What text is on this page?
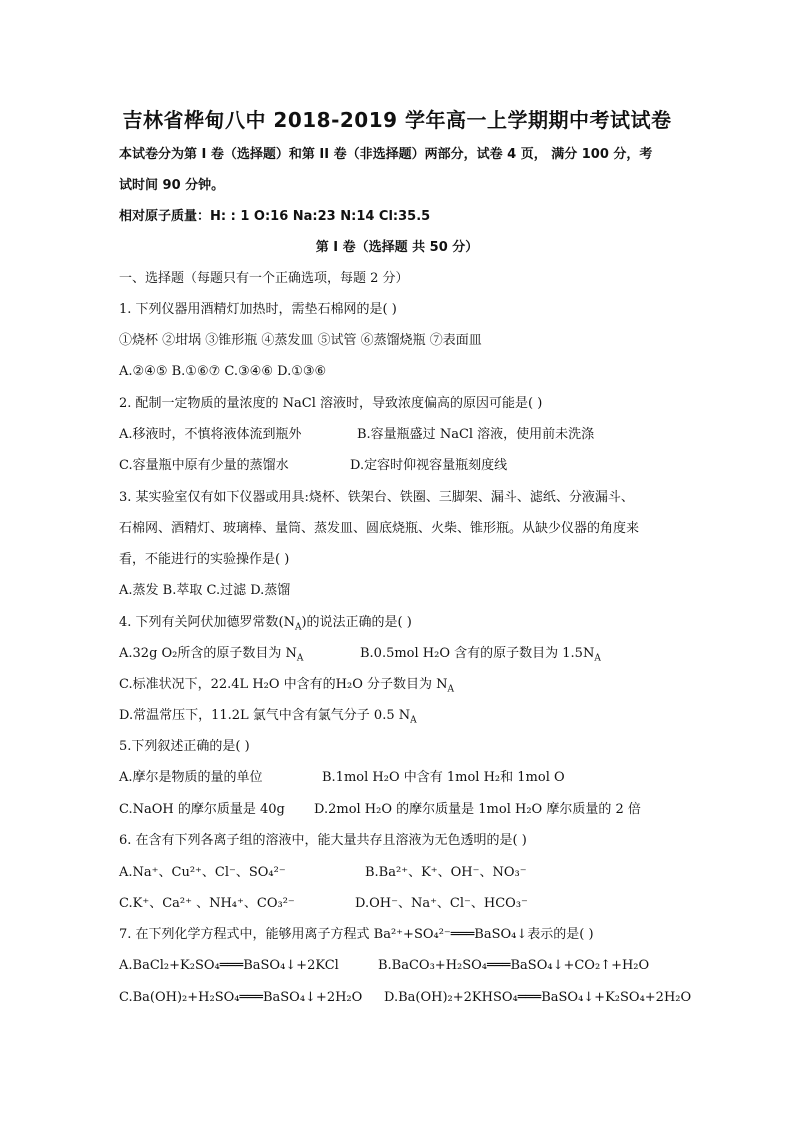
吉林省桦甸八中 2018-2019 学年高一上学期期中考试试卷
本试卷分为第 I 卷（选择题）和第 II 卷（非选择题）两部分，试卷 4 页， 满分 100 分，考
试时间 90 分钟。
相对原子质量：H: : 1 O:16 Na:23 N:14 Cl:35.5
第 I 卷（选择题 共 50 分）
一、选择题（每题只有一个正确选项，每题 2 分）
1. 下列仪器用酒精灯加热时，需垫石棉网的是( )
①烧杯 ②坩埚 ③锥形瓶 ④蒸发皿 ⑤试管 ⑥蒸馏烧瓶 ⑦表面皿
A.②④⑤ B.①⑥⑦ C.③④⑥ D.①③⑥
2. 配制一定物质的量浓度的 NaCl 溶液时，导致浓度偏高的原因可能是( )
A.移液时，不慎将液体流到瓶外	B.容量瓶盛过 NaCl 溶液，使用前未洗涤
C.容量瓶中原有少量的蒸馏水	D.定容时仰视容量瓶刻度线
3. 某实验室仅有如下仪器或用具:烧杯、铁架台、铁圈、三脚架、漏斗、滤纸、分液漏斗、
石棉网、酒精灯、玻璃棒、量筒、蒸发皿、圆底烧瓶、火柴、锥形瓶。从缺少仪器的角度来
看，不能进行的实验操作是( )
A.蒸发 B.萃取 C.过滤 D.蒸馏
4. 下列有关阿伏加德罗常数$(N_A)$的说法正确的是( )
A.32g O₂所含的原子数目为 $N_A$	B.0.5mol H₂O 含有的原子数目为 $1.5N_A$
C.标准状况下，22.4L H₂O 中含有的H₂O 分子数目为 $N_A$
D.常温常压下，11.2L 氯气中含有氯气分子 0.5 $N_A$
5.下列叙述正确的是( )
A.摩尔是物质的量的单位	B.1mol H₂O 中含有 1mol H₂和 1mol O
C.NaOH 的摩尔质量是 40g D.2mol H₂O 的摩尔质量是 1mol H₂O 摩尔质量的 2 倍
6. 在含有下列各离子组的溶液中，能大量共存且溶液为无色透明的是( )
A.Na⁺、Cu²⁺、Cl⁻、SO₄²⁻	B.Ba²⁺、K⁺、OH⁻、NO₃⁻
C.K⁺、Ca²⁺ 、NH₄⁺、CO₃²⁻	D.OH⁻、Na⁺、Cl⁻、HCO₃⁻
7. 在下列化学方程式中，能够用离子方程式 Ba²⁺+SO₄²⁻═══BaSO₄↓表示的是( )
A.BaCl₂+K₂SO₄═══BaSO₄↓+2KCl	B.BaCO₃+H₂SO₄═══BaSO₄↓+CO₂↑+H₂O
C.Ba(OH)₂+H₂SO₄═══BaSO₄↓+2H₂O D.Ba(OH)₂+2KHSO₄═══BaSO₄↓+K₂SO₄+2H₂O
